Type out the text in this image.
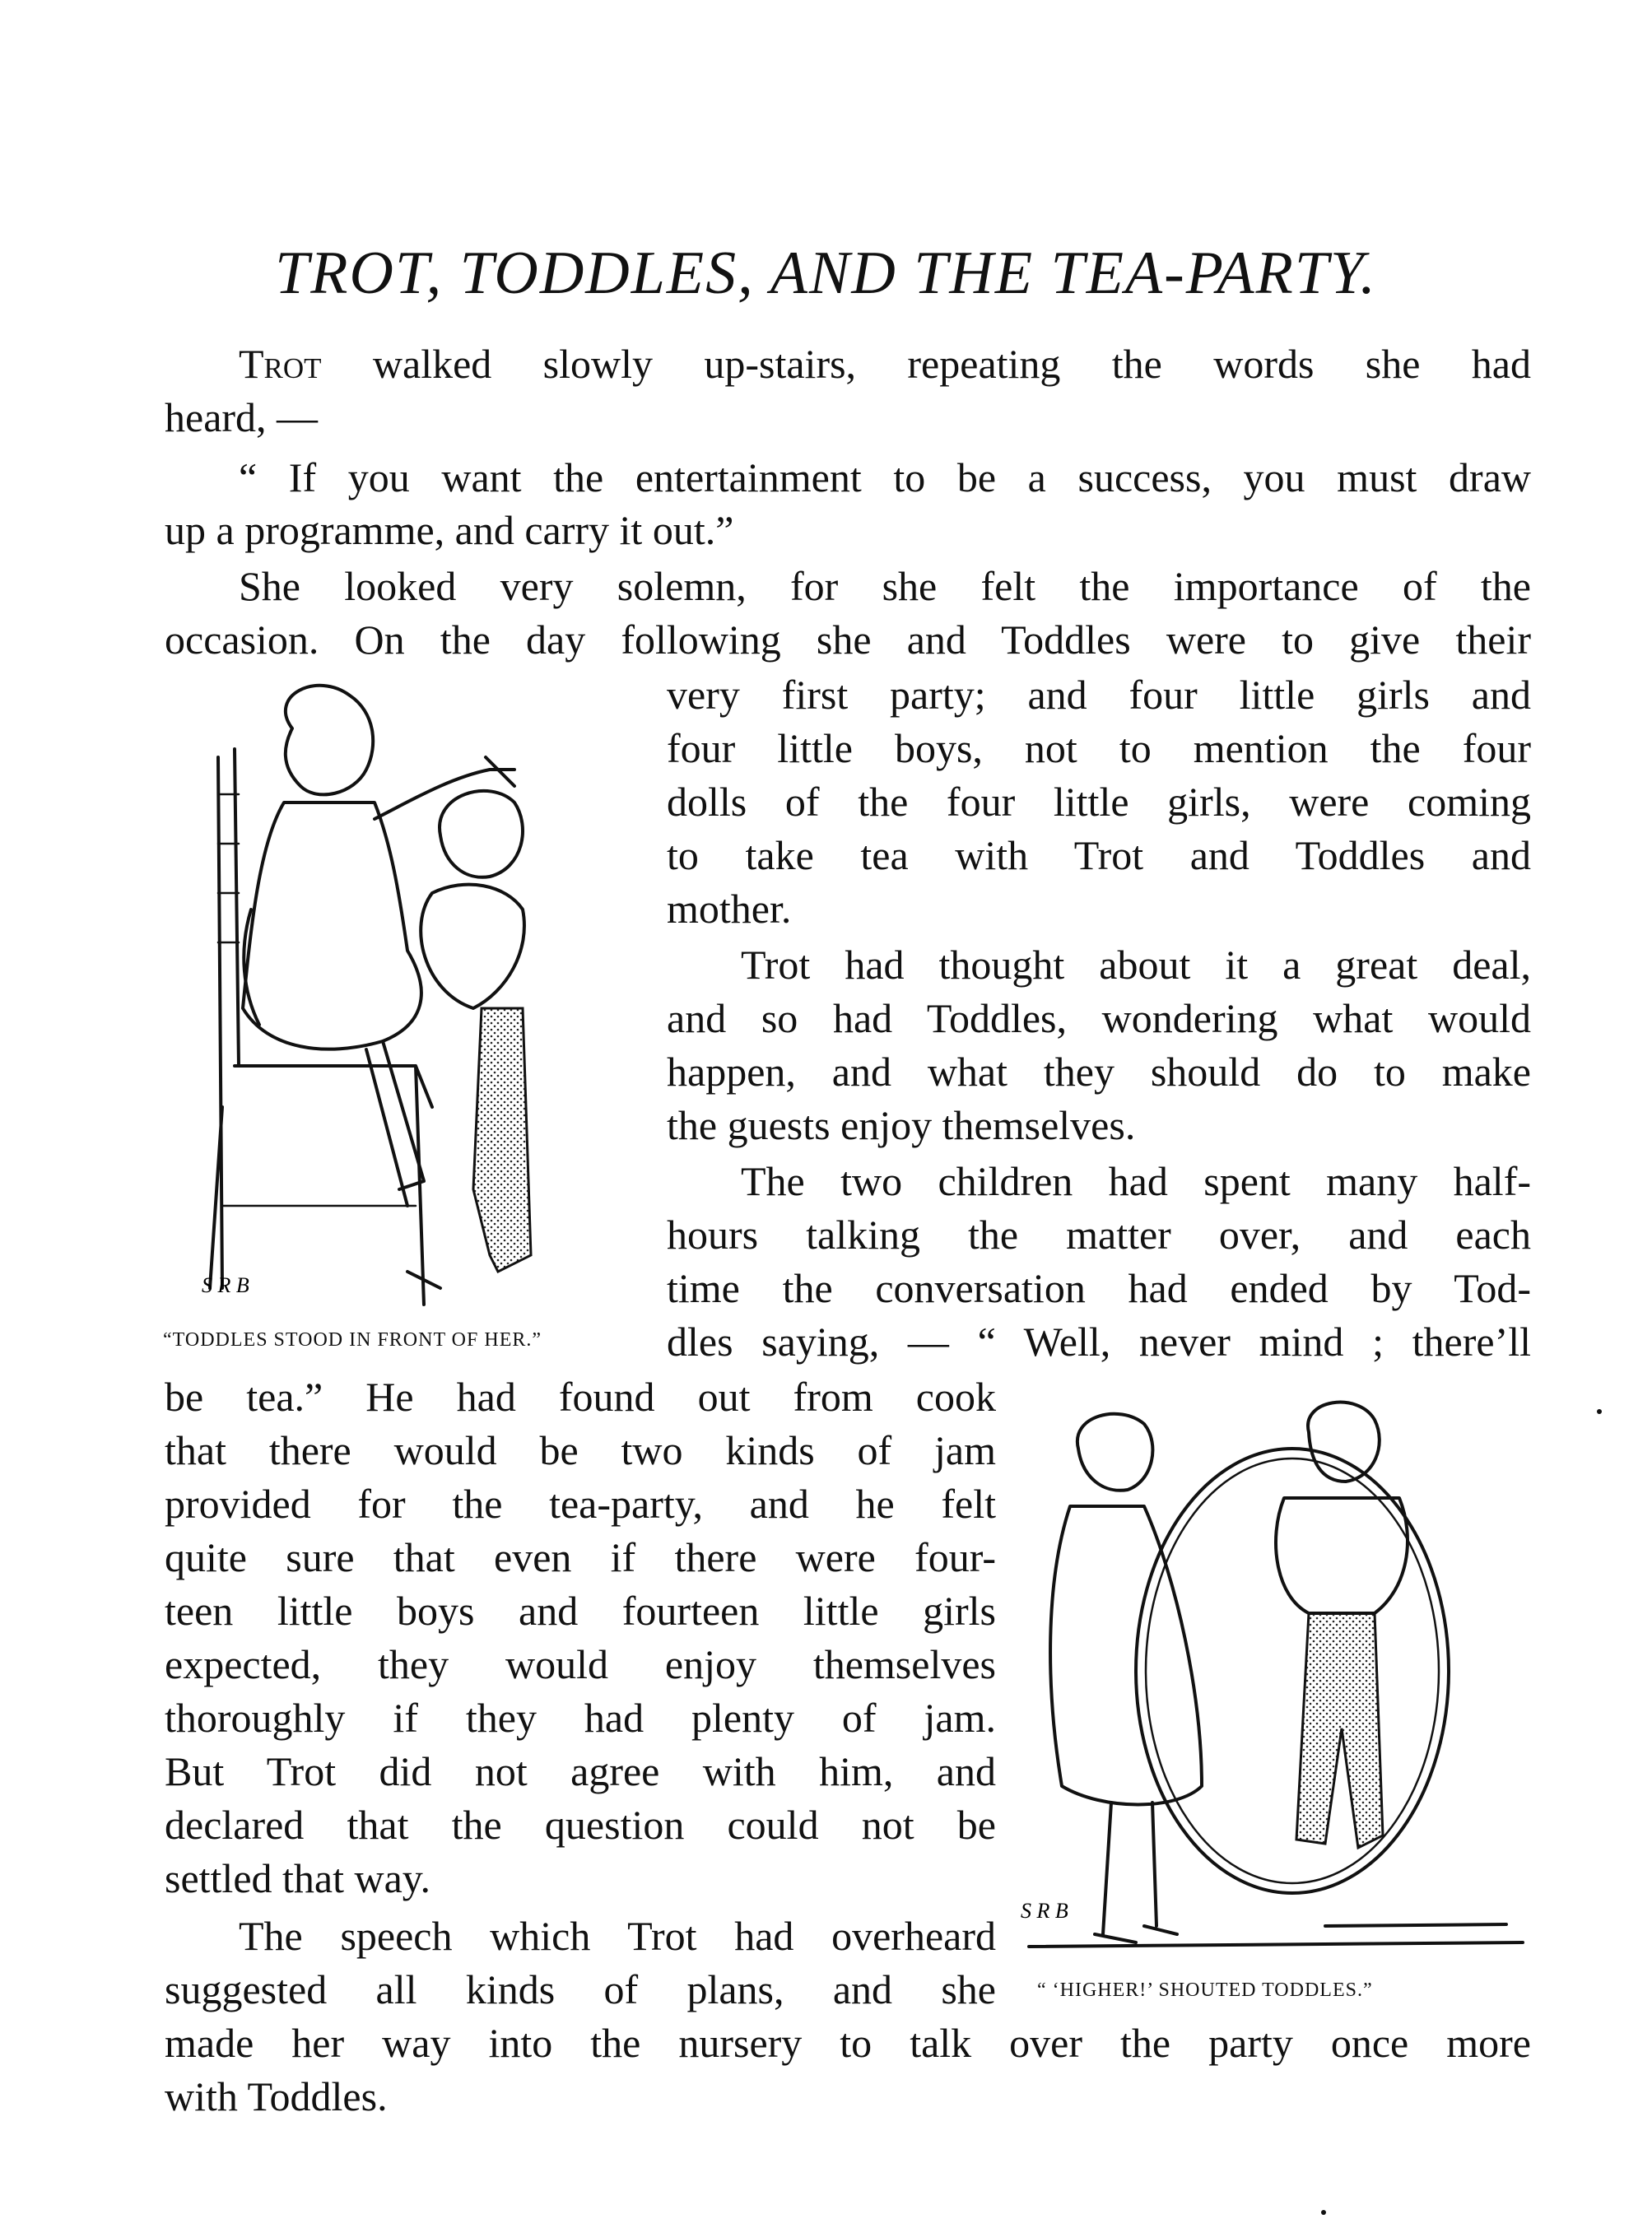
TROT, TODDLES, AND THE TEA-PARTY.
Trot walked slowly up-stairs, repeating the words she had
heard, —
“ If you want the entertainment to be a success, you must draw
up a programme, and carry it out.”
She looked very solemn, for she felt the importance of the
occasion. On the day following she and Toddles were to give their
very first party; and four little girls and
four little boys, not to mention the four
dolls of the four little girls, were coming
to take tea with Trot and Toddles and
mother.
Trot had thought about it a great deal,
and so had Toddles, wondering what would
happen, and what they should do to make
the guests enjoy themselves.
The two children had spent many half-
hours talking the matter over, and each
time the conversation had ended by Tod-
dles saying, — “ Well, never mind ; there’ll
be tea.” He had found out from cook
that there would be two kinds of jam
provided for the tea-party, and he felt
quite sure that even if there were four-
teen little boys and fourteen little girls
expected, they would enjoy themselves
thoroughly if they had plenty of jam.
But Trot did not agree with him, and
declared that the question could not be
settled that way.
The speech which Trot had overheard
suggested all kinds of plans, and she
made her way into the nursery to talk over the party once more
with Toddles.
S R B
“TODDLES STOOD IN FRONT OF HER.”
S R B
“ ‘HIGHER!’ SHOUTED TODDLES.”
